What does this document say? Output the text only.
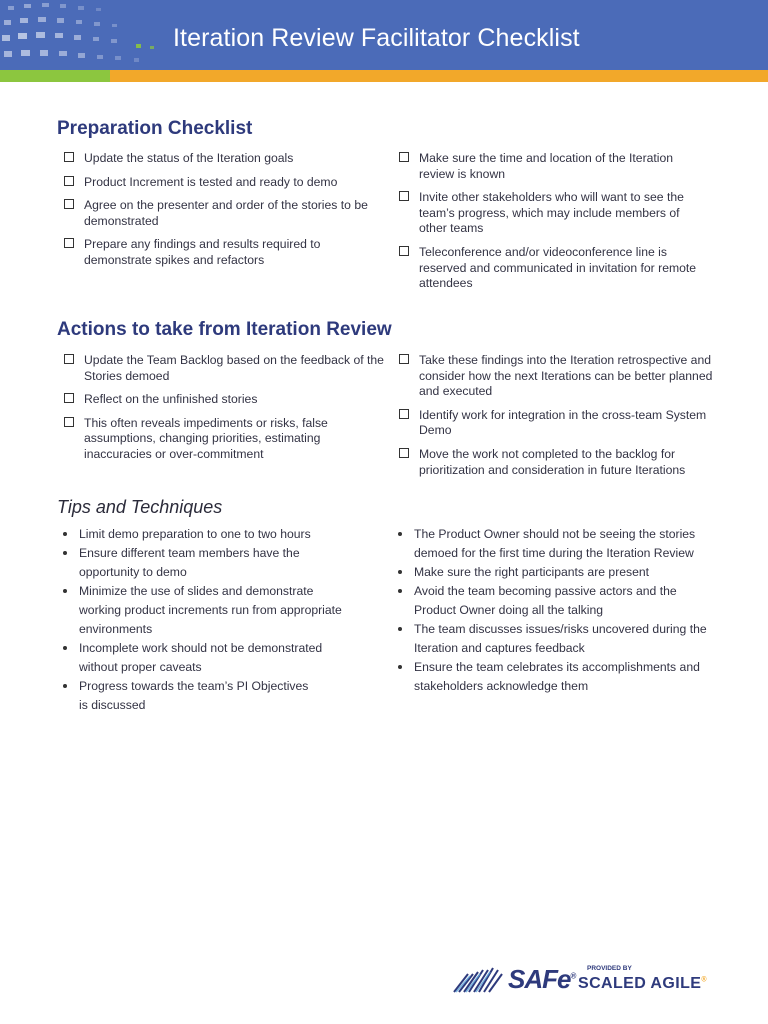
Iteration Review Facilitator Checklist
Preparation Checklist
Update the status of the Iteration goals
Product Increment is tested and ready to demo
Agree on the presenter and order of the stories to be demonstrated
Prepare any findings and results required to demonstrate spikes and refactors
Make sure the time and location of the Iteration review is known
Invite other stakeholders who will want to see the team’s progress, which may include members of other teams
Teleconference and/or videoconference line is reserved and communicated in invitation for remote attendees
Actions to take from Iteration Review
Update the Team Backlog based on the feedback of the Stories demoed
Reflect on the unfinished stories
This often reveals impediments or risks, false assumptions, changing priorities, estimating inaccuracies or over-commitment
Take these findings into the Iteration retrospective and consider how the next Iterations can be better planned and executed
Identify work for integration in the cross-team System Demo
Move the work not completed to the backlog for prioritization and consideration in future Iterations
Tips and Techniques
Limit demo preparation to one to two hours
Ensure different team members have the opportunity to demo
Minimize the use of slides and demonstrate working product increments run from appropriate environments
Incomplete work should not be demonstrated without proper caveats
Progress towards the team’s PI Objectives is discussed
The Product Owner should not be seeing the stories demoed for the first time during the Iteration Review
Make sure the right participants are present
Avoid the team becoming passive actors and the Product Owner doing all the talking
The team discusses issues/risks uncovered during the Iteration and captures feedback
Ensure the team celebrates its accomplishments and stakeholders acknowledge them
SAFe®
PROVIDED BY
SCALED AGILE®
